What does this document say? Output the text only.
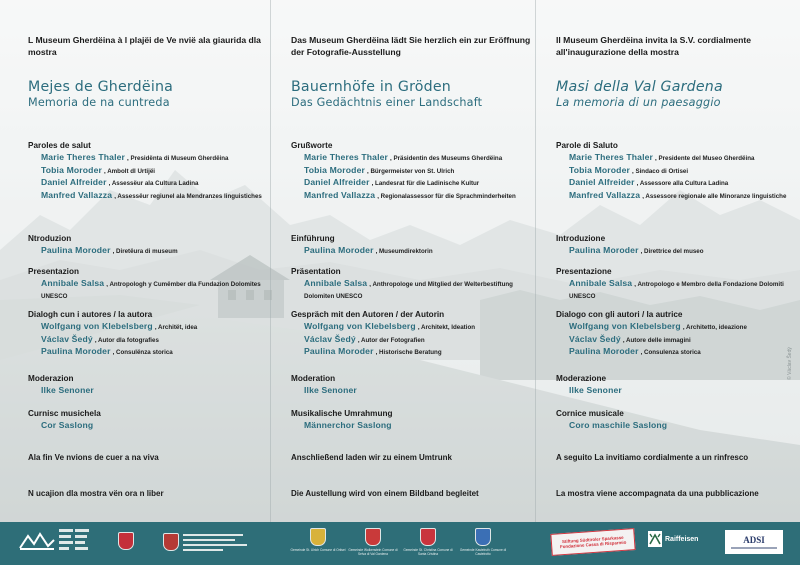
© Václav Šedý
L Museum Gherdëina à l plajëi de Ve nvië ala giaurida dla mostra
Mejes de Gherdëina
Memoria de na cuntreda
Paroles de salut
Marie Theres Thaler , Presidënta di Museum Gherdëina
Tobia Moroder , Ambolt dl Urtijëi
Daniel Alfreider , Assessëur ala Cultura Ladina
Manfred Vallazza , Assessëur regiunel ala Mendranzes linguistiches
Ntroduzion
Paulina Moroder , Diretëura di museum
Presentazion
Annibale Salsa , Antropologh y Cumëmber dla Fundazion Dolomites UNESCO
Dialogh cun i autores / la autora
Wolfgang von Klebelsberg , Architët, idea
Václav Šedý , Autor dla fotografies
Paulina Moroder , Consulënza storica
Moderazion
Ilke Senoner
Curnisc musichela
Cor Saslong
Ala fin Ve nvions de cuer a na viva
N ucajion dla mostra vën ora n liber
Das Museum Gherdëina lädt Sie herzlich ein zur Eröffnung der Fotografie-Ausstellung
Bauernhöfe in Gröden
Das Gedächtnis einer Landschaft
Grußworte
Marie Theres Thaler , Präsidentin des Museums Gherdëina
Tobia Moroder , Bürgermeister von St. Ulrich
Daniel Alfreider , Landesrat für die Ladinische Kultur
Manfred Vallazza , Regionalassessor für die Sprachminderheiten
Einführung
Paulina Moroder , Museumdirektorin
Präsentation
Annibale Salsa , Anthropologe und Mitglied der Welterbestiftung Dolomiten UNESCO
Gespräch mit den Autoren / der Autorin
Wolfgang von Klebelsberg , Architekt, Ideation
Václav Šedý , Autor der Fotografien
Paulina Moroder , Historische Beratung
Moderation
Ilke Senoner
Musikalische Umrahmung
Männerchor Saslong
Anschließend laden wir zu einem Umtrunk
Die Austellung wird von einem Bildband begleitet
Il Museum Gherdëina invita la S.V. cordialmente all'inaugurazione della mostra
Masi della Val Gardena
La memoria di un paesaggio
Parole di Saluto
Marie Theres Thaler , Presidente del Museo Gherdëina
Tobia Moroder , Sindaco di Ortisei
Daniel Alfreider , Assessore alla Cultura Ladina
Manfred Vallazza , Assessore regionale alle Minoranze linguistiche
Introduzione
Paulina Moroder , Direttrice del museo
Presentazione
Annibale Salsa , Antropologo e Membro della Fondazione Dolomiti UNESCO
Dialogo con gli autori / la autrice
Wolfgang von Klebelsberg , Architetto, ideazione
Václav Šedý , Autore delle immagini
Paulina Moroder , Consulenza storica
Moderazione
Ilke Senoner
Cornice musicale
Coro maschile Saslong
A seguito La invitiamo cordialmente a un rinfresco
La mostra viene accompagnata da una pubblicazione
Gemeinde St. Ulrich Comune di Ortisei Gemeinde Wolkenstein Comune di Selva di Val Gardena
Gemeinde St. Christina Comune di Santa Cristina
Gemeinde Kastelruth Comune di Castelrotto
Stiftung Südtiroler Sparkasse Fondazione Cassa di Risparmio
Raiffeisen	ADSI
